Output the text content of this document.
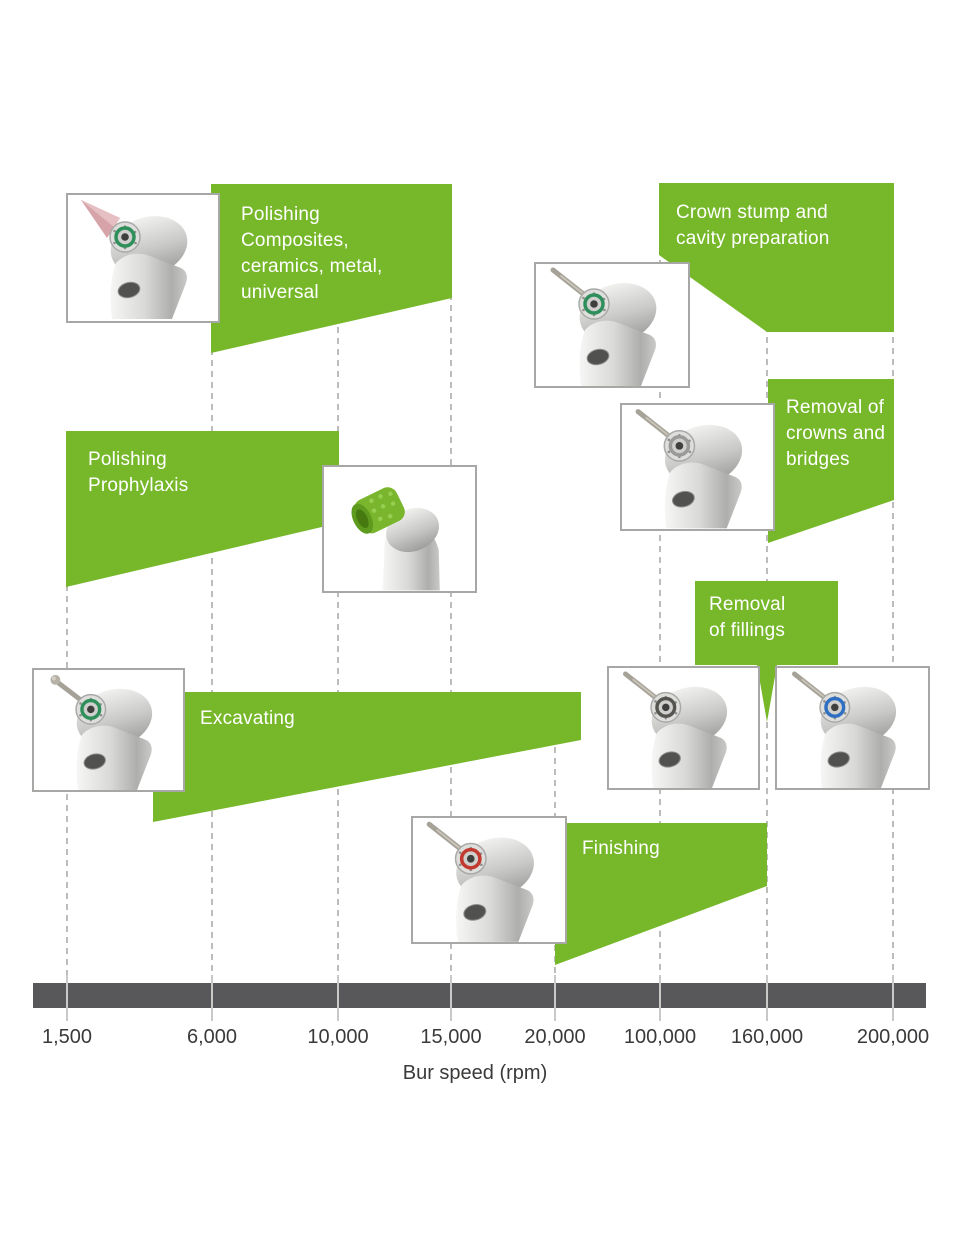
Bur speed (rpm)
Polishing
Composites,
ceramics, metal,
universal
Crown stump and
cavity preparation
Polishing
Prophylaxis
Removal of
crowns and
bridges
Removal
of fillings
Excavating
Finishing
1,500	6,000	10,000	15,000	20,000	100,000	160,000	200,000
